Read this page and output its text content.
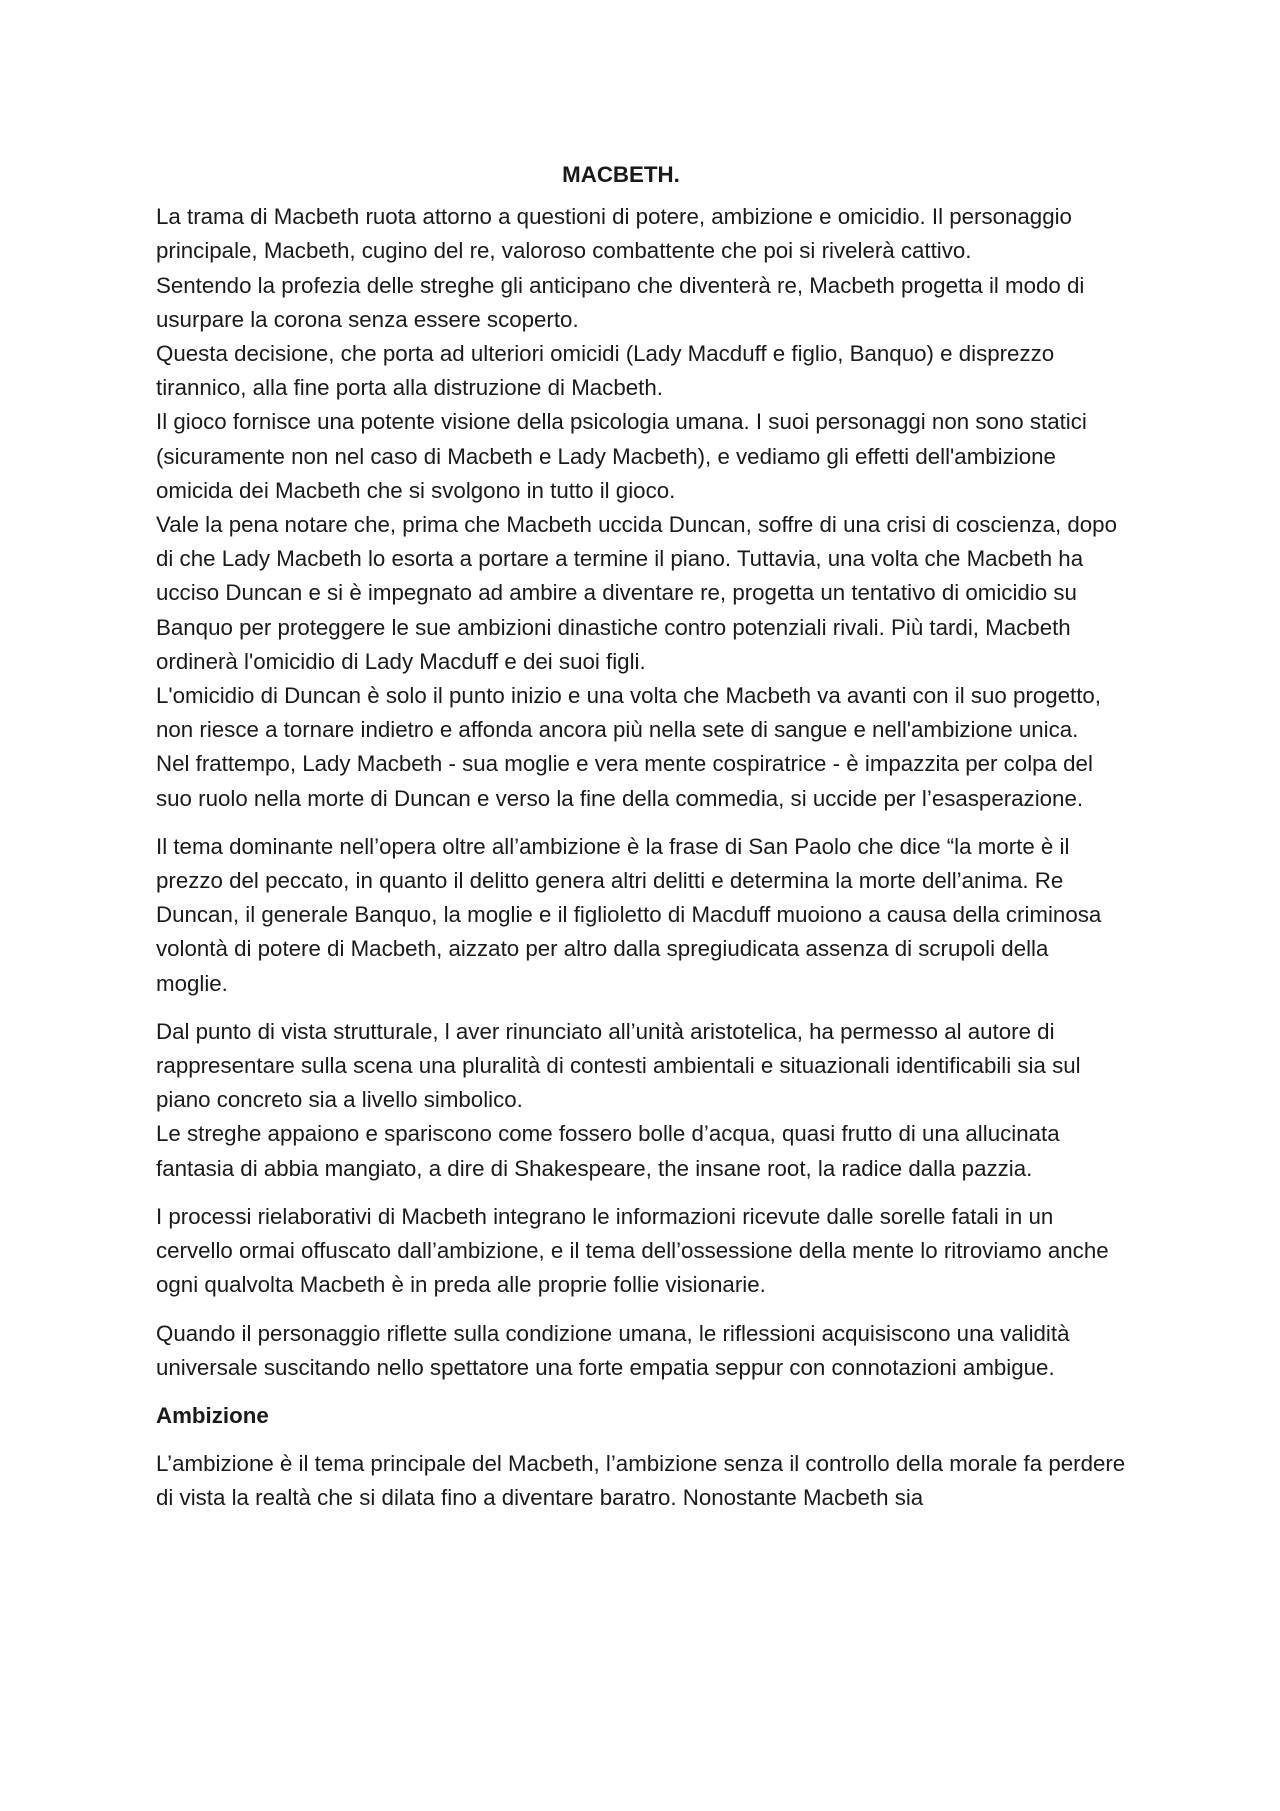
MACBETH.
La trama di Macbeth ruota attorno a questioni di potere, ambizione e omicidio. Il personaggio principale, Macbeth, cugino del re, valoroso combattente che poi si rivelerà cattivo.
Sentendo la profezia delle streghe gli anticipano che diventerà re, Macbeth progetta il modo di usurpare la corona senza essere scoperto.
Questa decisione, che porta ad ulteriori omicidi (Lady Macduff e figlio, Banquo) e disprezzo tirannico, alla fine porta alla distruzione di Macbeth.
Il gioco fornisce una potente visione della psicologia umana. I suoi personaggi non sono statici (sicuramente non nel caso di Macbeth e Lady Macbeth), e vediamo gli effetti dell'ambizione omicida dei Macbeth che si svolgono in tutto il gioco.
Vale la pena notare che, prima che Macbeth uccida Duncan, soffre di una crisi di coscienza, dopo di che Lady Macbeth lo esorta a portare a termine il piano. Tuttavia, una volta che Macbeth ha ucciso Duncan e si è impegnato ad ambire a diventare re, progetta un tentativo di omicidio su Banquo per proteggere le sue ambizioni dinastiche contro potenziali rivali. Più tardi, Macbeth ordinerà l'omicidio di Lady Macduff e dei suoi figli.
L'omicidio di Duncan è solo il punto inizio e una volta che Macbeth va avanti con il suo progetto, non riesce a tornare indietro e affonda ancora più nella sete di sangue e nell'ambizione unica.
Nel frattempo, Lady Macbeth - sua moglie e vera mente cospiratrice - è impazzita per colpa del suo ruolo nella morte di Duncan e verso la fine della commedia, si uccide per l’esasperazione.
Il tema dominante nell’opera oltre all’ambizione è la frase di San Paolo che dice “la morte è il prezzo del peccato, in quanto il delitto genera altri delitti e determina la morte dell’anima. Re Duncan, il generale Banquo, la moglie e il figlioletto di Macduff muoiono a causa della criminosa volontà di potere di Macbeth, aizzato per altro dalla spregiudicata assenza di scrupoli della moglie.
Dal punto di vista strutturale, l aver rinunciato all’unità aristotelica, ha permesso al autore di rappresentare sulla scena una pluralità di contesti ambientali e situazionali identificabili sia sul piano concreto sia a livello simbolico.
Le streghe appaiono e spariscono come fossero bolle d’acqua, quasi frutto di una allucinata fantasia di abbia mangiato, a dire di Shakespeare, the insane root, la radice dalla pazzia.
I processi rielaborativi di Macbeth integrano le informazioni ricevute dalle sorelle fatali in un cervello ormai offuscato dall’ambizione, e il tema dell’ossessione della mente lo ritroviamo anche ogni qualvolta Macbeth è in preda alle proprie follie visionarie.
Quando il personaggio riflette sulla condizione umana, le riflessioni acquisiscono una validità universale suscitando nello spettatore una forte empatia seppur con connotazioni ambigue.
Ambizione
L’ambizione è il tema principale del Macbeth, l’ambizione senza il controllo della morale fa perdere di vista la realtà che si dilata fino a diventare baratro. Nonostante Macbeth sia
